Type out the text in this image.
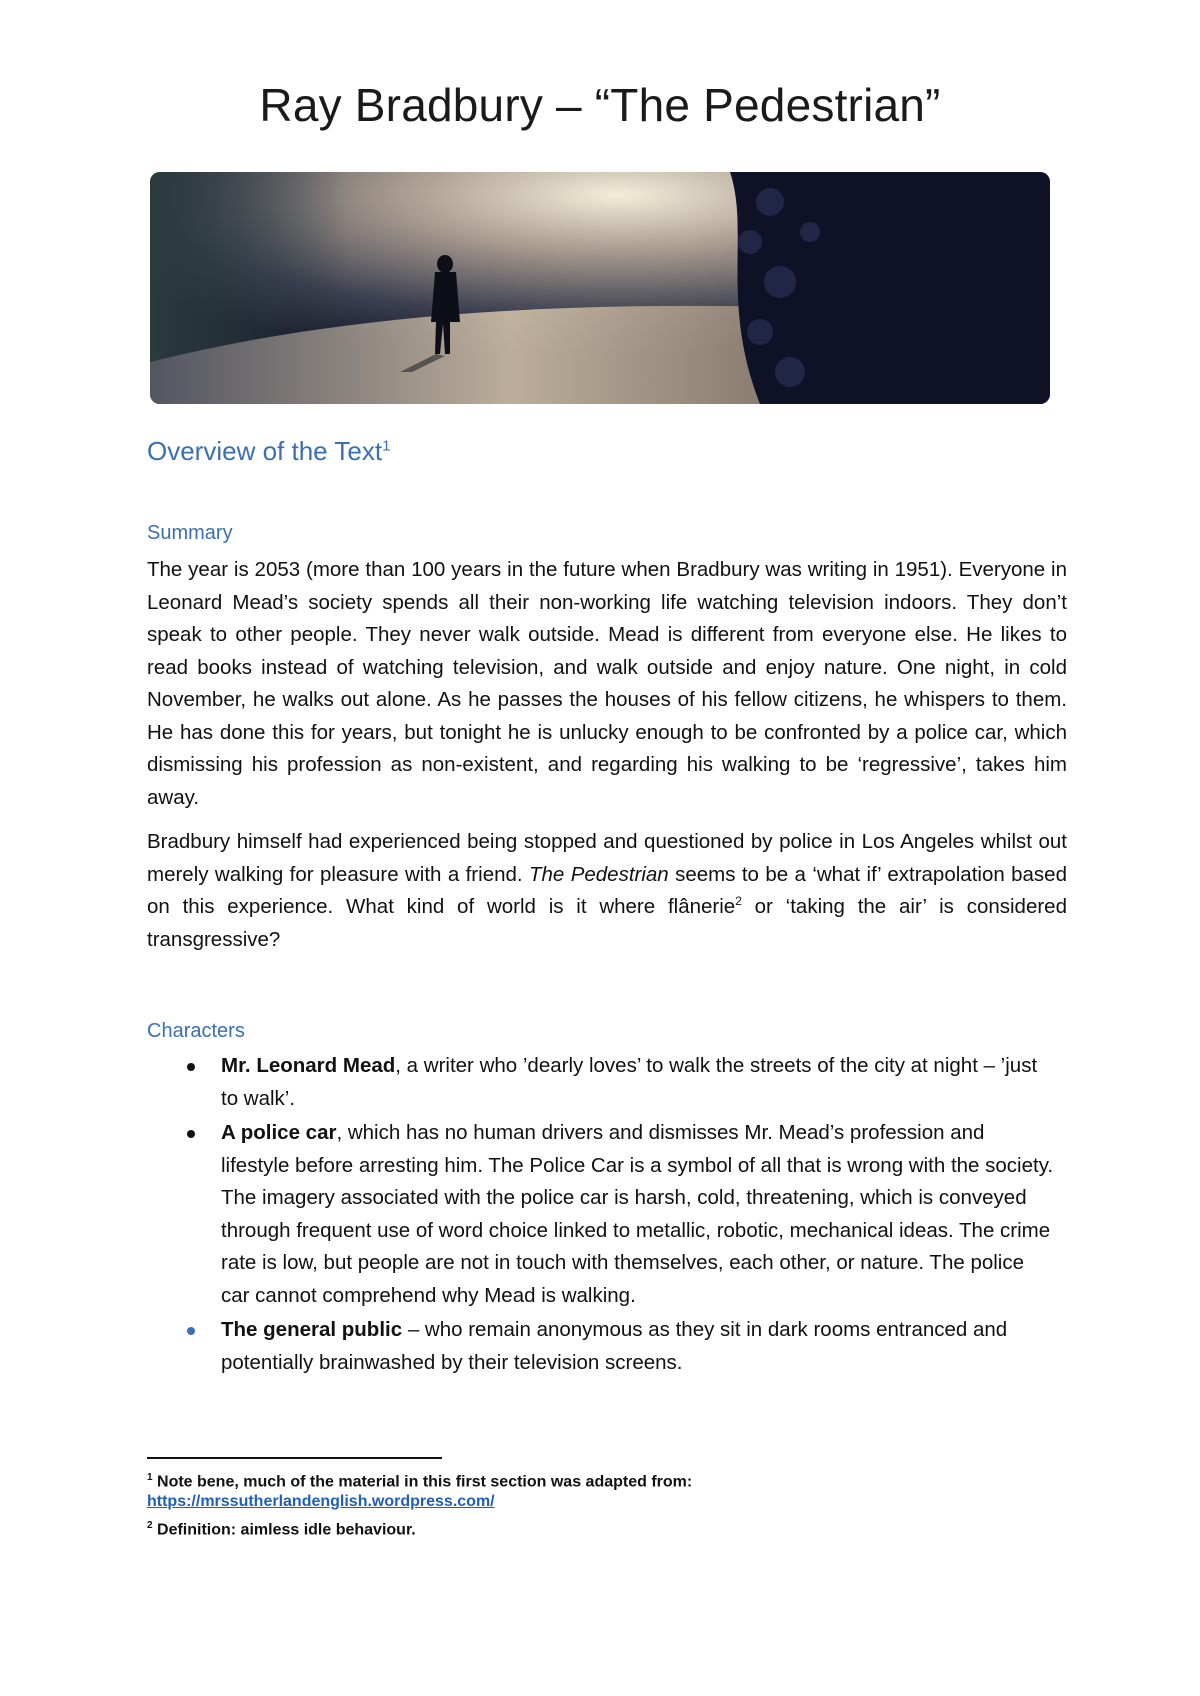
Ray Bradbury – “The Pedestrian”
Overview of the Text$^1$
Summary
The year is 2053 (more than 100 years in the future when Bradbury was writing in 1951). Everyone in Leonard Mead’s society spends all their non-working life watching television indoors. They don’t speak to other people. They never walk outside. Mead is different from everyone else. He likes to read books instead of watching television, and walk outside and enjoy nature. One night, in cold November, he walks out alone. As he passes the houses of his fellow citizens, he whispers to them. He has done this for years, but tonight he is unlucky enough to be confronted by a police car, which dismissing his profession as non-existent, and regarding his walking to be ‘regressive’, takes him away.
Bradbury himself had experienced being stopped and questioned by police in Los Angeles whilst out merely walking for pleasure with a friend. The Pedestrian seems to be a ‘what if’ extrapolation based on this experience. What kind of world is it where flânerie$^2$ or ‘taking the air’ is considered transgressive?
Characters
Mr. Leonard Mead, a writer who ’dearly loves’ to walk the streets of the city at night – ’just to walk’.
A police car, which has no human drivers and dismisses Mr. Mead’s profession and lifestyle before arresting him. The Police Car is a symbol of all that is wrong with the society. The imagery associated with the police car is harsh, cold, threatening, which is conveyed through frequent use of word choice linked to metallic, robotic, mechanical ideas. The crime rate is low, but people are not in touch with themselves, each other, or nature. The police car cannot comprehend why Mead is walking.
The general public – who remain anonymous as they sit in dark rooms entranced and potentially brainwashed by their television screens.
$^1$ Note bene, much of the material in this first section was adapted from:
https://mrssutherlandenglish.wordpress.com/
$^2$ Definition: aimless idle behaviour.
